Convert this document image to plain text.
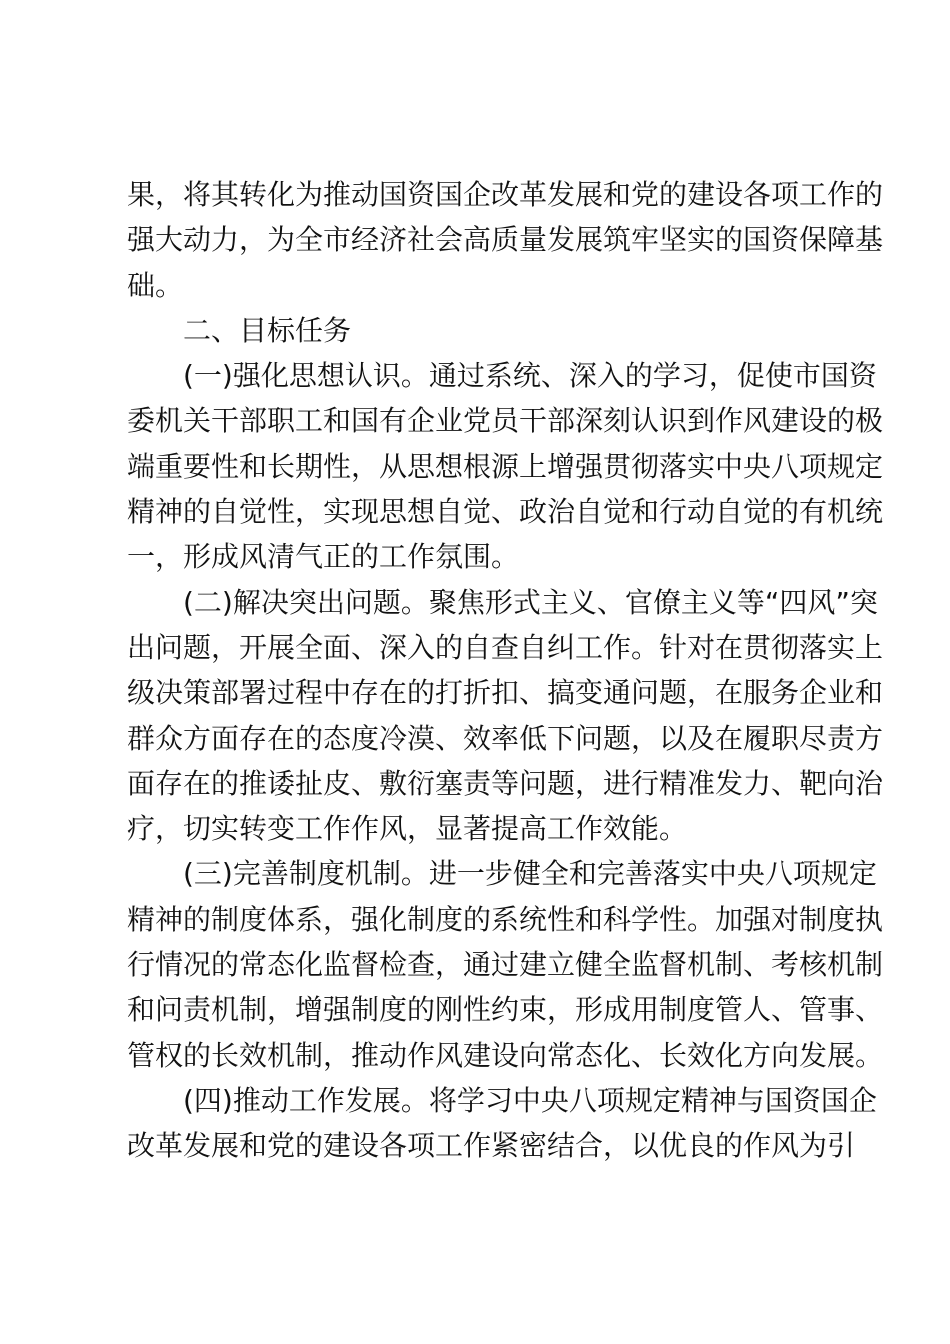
果，将其转化为推动国资国企改革发展和党的建设各项工作的
强大动力，为全市经济社会高质量发展筑牢坚实的国资保障基
础。
二、目标任务
(一)强化思想认识。通过系统、深入的学习，促使市国资
委机关干部职工和国有企业党员干部深刻认识到作风建设的极
端重要性和长期性，从思想根源上增强贯彻落实中央八项规定
精神的自觉性，实现思想自觉、政治自觉和行动自觉的有机统
一，形成风清气正的工作氛围。
(二)解决突出问题。聚焦形式主义、官僚主义等“四风”突
出问题，开展全面、深入的自查自纠工作。针对在贯彻落实上
级决策部署过程中存在的打折扣、搞变通问题，在服务企业和
群众方面存在的态度冷漠、效率低下问题，以及在履职尽责方
面存在的推诿扯皮、敷衍塞责等问题，进行精准发力、靶向治
疗，切实转变工作作风，显著提高工作效能。
(三)完善制度机制。进一步健全和完善落实中央八项规定
精神的制度体系，强化制度的系统性和科学性。加强对制度执
行情况的常态化监督检查，通过建立健全监督机制、考核机制
和问责机制，增强制度的刚性约束，形成用制度管人、管事、
管权的长效机制，推动作风建设向常态化、长效化方向发展。
(四)推动工作发展。将学习中央八项规定精神与国资国企
改革发展和党的建设各项工作紧密结合，以优良的作风为引
